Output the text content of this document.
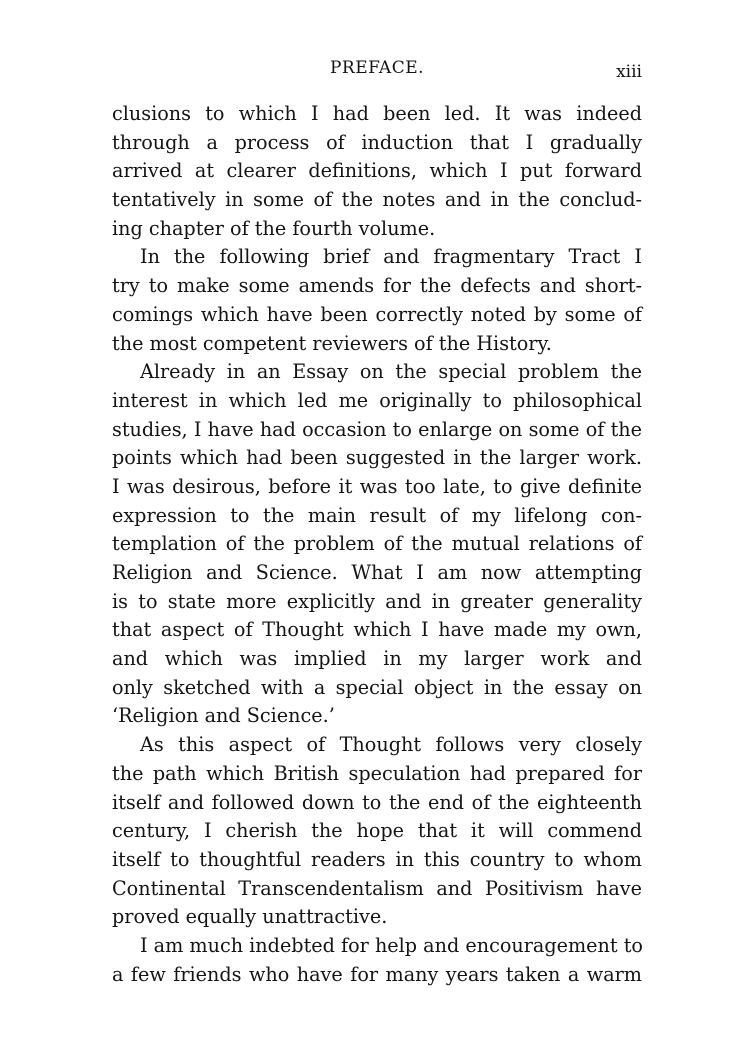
PREFACE.	xiii
clusions to which I had been led. It was indeed
through a process of induction that I gradually
arrived at clearer definitions, which I put forward
tentatively in some of the notes and in the conclud-
ing chapter of the fourth volume.
In the following brief and fragmentary Tract I
try to make some amends for the defects and short-
comings which have been correctly noted by some of
the most competent reviewers of the History.
Already in an Essay on the special problem the
interest in which led me originally to philosophical
studies, I have had occasion to enlarge on some of the
points which had been suggested in the larger work.
I was desirous, before it was too late, to give definite
expression to the main result of my lifelong con-
templation of the problem of the mutual relations of
Religion and Science. What I am now attempting
is to state more explicitly and in greater generality
that aspect of Thought which I have made my own,
and which was implied in my larger work and
only sketched with a special object in the essay on
‘Religion and Science.’
As this aspect of Thought follows very closely
the path which British speculation had prepared for
itself and followed down to the end of the eighteenth
century, I cherish the hope that it will commend
itself to thoughtful readers in this country to whom
Continental Transcendentalism and Positivism have
proved equally unattractive.
I am much indebted for help and encouragement to
a few friends who have for many years taken a warm
